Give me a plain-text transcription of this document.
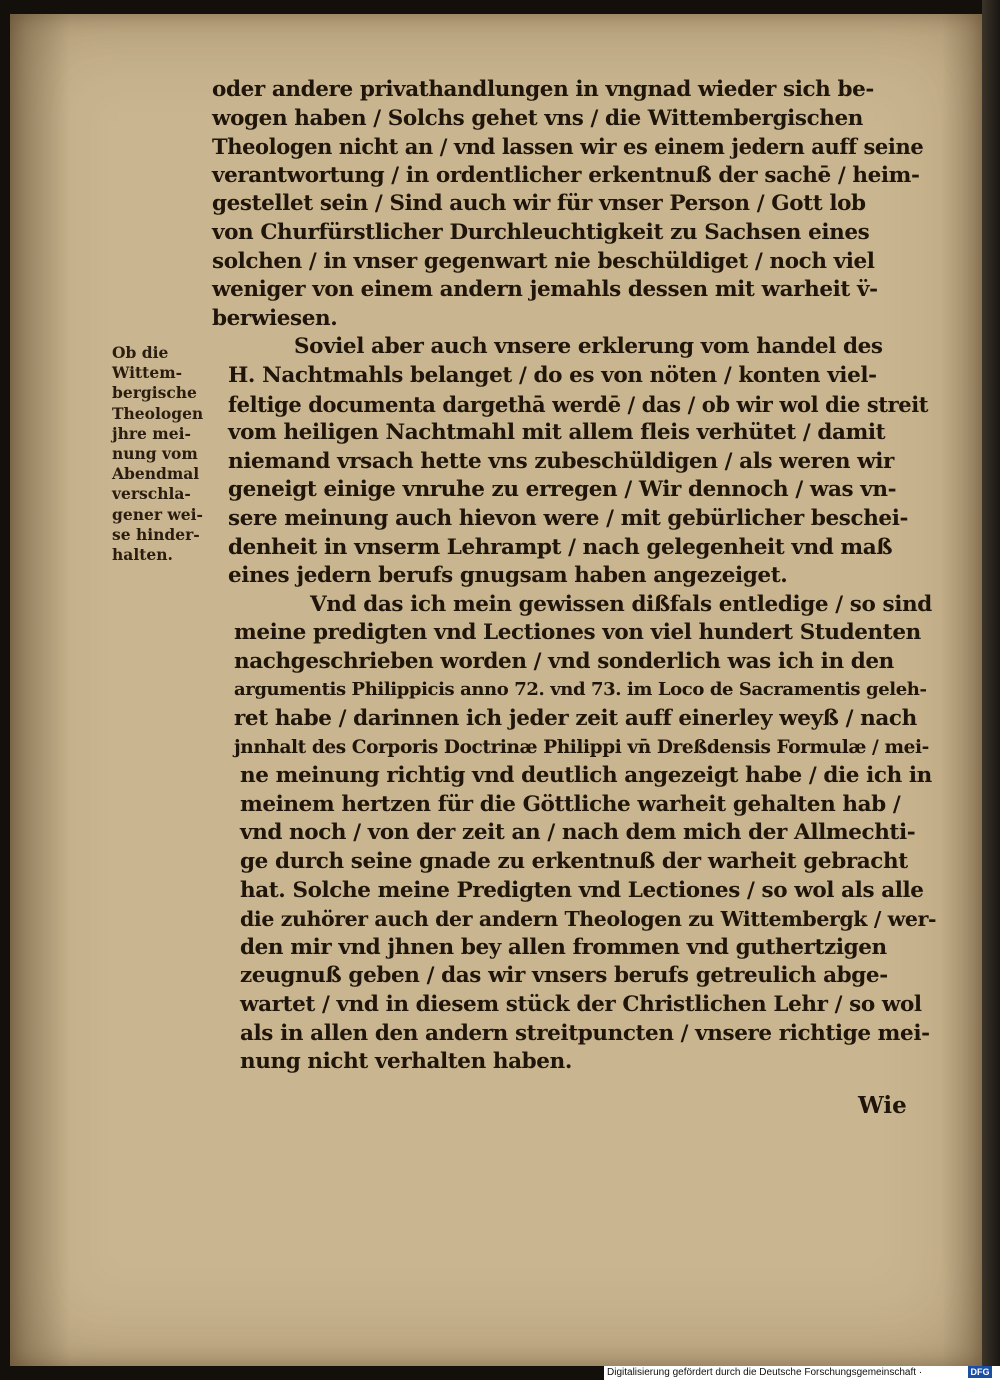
Ob die
Wittem-
bergische
Theologen
jhre mei-
nung vom
Abendmal
verschla-
gener wei-
se hinder-
halten.
oder andere privathandlungen in vngnad wieder sich be-
wogen haben / Solchs gehet vns / die Wittembergischen
Theologen nicht an / vnd lassen wir es einem jedern auff seine
verantwortung / in ordentlicher erkentnuß der sachē / heim-
gestellet sein / Sind auch wir für vnser Person / Gott lob
von Churfürstlicher Durchleuchtigkeit zu Sachsen eines
solchen / in vnser gegenwart nie beschüldiget / noch viel
weniger von einem andern jemahls dessen mit warheit v̈-
berwiesen.
Soviel aber auch vnsere erklerung vom handel des
H. Nachtmahls belanget / do es von nöten / konten viel-
feltige documenta dargethā werdē / das / ob wir wol die streit
vom heiligen Nachtmahl mit allem fleis verhütet / damit
niemand vrsach hette vns zubeschüldigen / als weren wir
geneigt einige vnruhe zu erregen / Wir dennoch / was vn-
sere meinung auch hievon were / mit gebürlicher beschei-
denheit in vnserm Lehrampt / nach gelegenheit vnd maß
eines jedern berufs gnugsam haben angezeiget.
Vnd das ich mein gewissen dißfals entledige / so sind
meine predigten vnd Lectiones von viel hundert Studenten
nachgeschrieben worden / vnd sonderlich was ich in den
argumentis Philippicis anno 72. vnd 73. im Loco de Sacramentis geleh-
ret habe / darinnen ich jeder zeit auff einerley weyß / nach
jnnhalt des Corporis Doctrinæ Philippi vn̄ Dreßdensis Formulæ / mei-
ne meinung richtig vnd deutlich angezeigt habe / die ich in
meinem hertzen für die Göttliche warheit gehalten hab /
vnd noch / von der zeit an / nach dem mich der Allmechti-
ge durch seine gnade zu erkentnuß der warheit gebracht
hat. Solche meine Predigten vnd Lectiones / so wol als alle
die zuhörer auch der andern Theologen zu Wittembergk / wer-
den mir vnd jhnen bey allen frommen vnd guthertzigen
zeugnuß geben / das wir vnsers berufs getreulich abge-
wartet / vnd in diesem stück der Christlichen Lehr / so wol
als in allen den andern streitpuncten / vnsere richtige mei-
nung nicht verhalten haben.
Wie
Digitalisierung gefördert durch die Deutsche Forschungsgemeinschaft ·	DFG
